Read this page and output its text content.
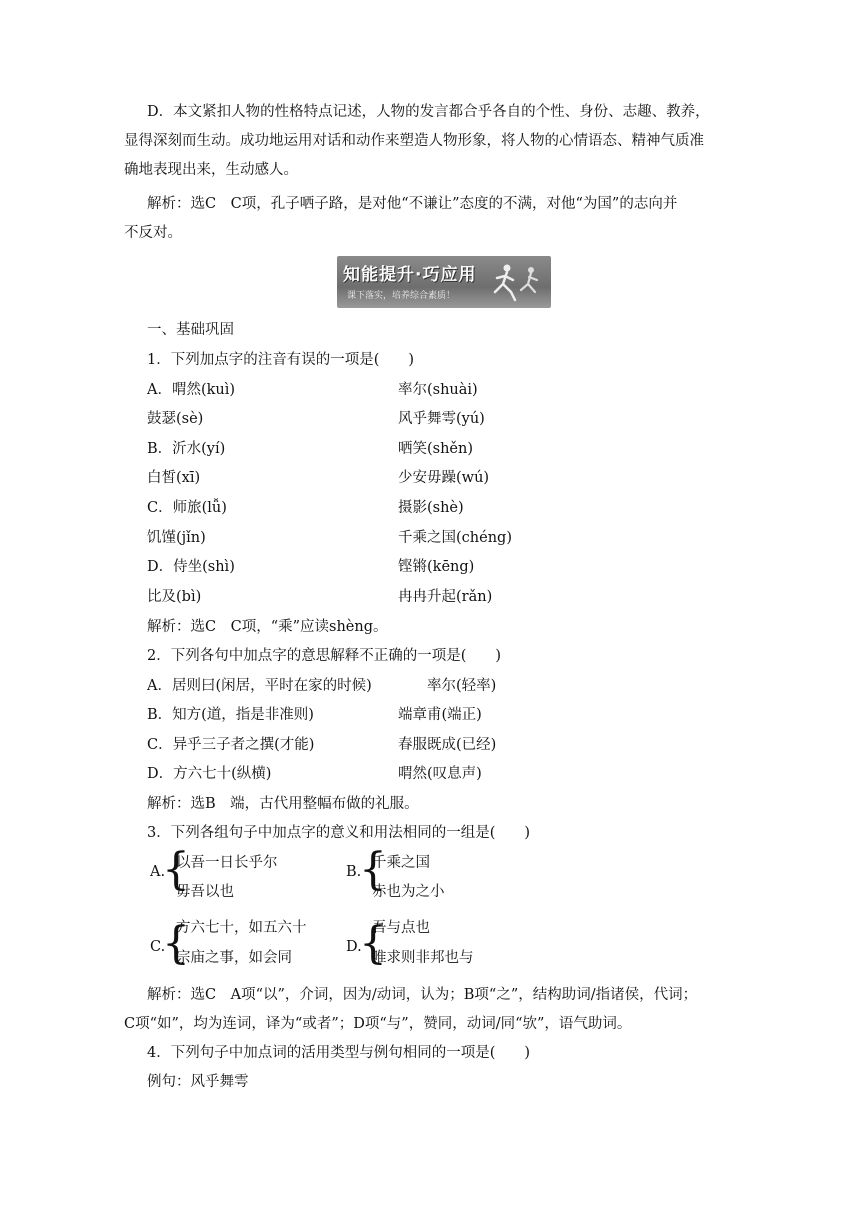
D．本文紧扣人物的性格特点记述，人物的发言都合乎各自的个性、身份、志趣、教养，
显得深刻而生动。成功地运用对话和动作来塑造人物形象，将人物的心情语态、精神气质准
确地表现出来，生动感人。
解析：选C　C项，孔子哂子路，是对他“不谦让”态度的不满，对他“为国”的志向并
不反对。
知能提升·巧应用
课下落实，培养综合素质！
一、基础巩固
1．下列加点字的注音有误的一项是(　　)
A．喟然(kuì)	率尔(shuài)
鼓瑟(sè)	风乎舞雩(yú)
B．沂水(yí)	哂笑(shěn)
白皙(xī)	少安毋躁(wú)
C．师旅(lǚ)	摄影(shè)
饥馑(jǐn)	千乘之国(chéng)
D．侍坐(shì)	铿锵(kēng)
比及(bì)	冉冉升起(rǎn)
解析：选C　C项，“乘”应读shèng。
2．下列各句中加点字的意思解释不正确的一项是(　　)
A．居则曰(闲居，平时在家的时候)	率尔(轻率)
B．知方(道，指是非准则)	端章甫(端正)
C．异乎三子者之撰(才能)	春服既成(已经)
D．方六七十(纵横)	喟然(叹息声)
解析：选B　端，古代用整幅布做的礼服。
3．下列各组句子中加点字的意义和用法相同的一组是(　　)
A.
{
以吾一日长乎尔
毋吾以也
B.
{
千乘之国
赤也为之小
C.
{
方六七十，如五六十
宗庙之事，如会同
D.
{
吾与点也
唯求则非邦也与
解析：选C　A项“以”，介词，因为/动词，认为；B项“之”，结构助词/指诸侯，代词；
C项“如”，均为连词，译为“或者”；D项“与”，赞同，动词/同“欤”，语气助词。
4．下列句子中加点词的活用类型与例句相同的一项是(　　)
例句：风乎舞雩
